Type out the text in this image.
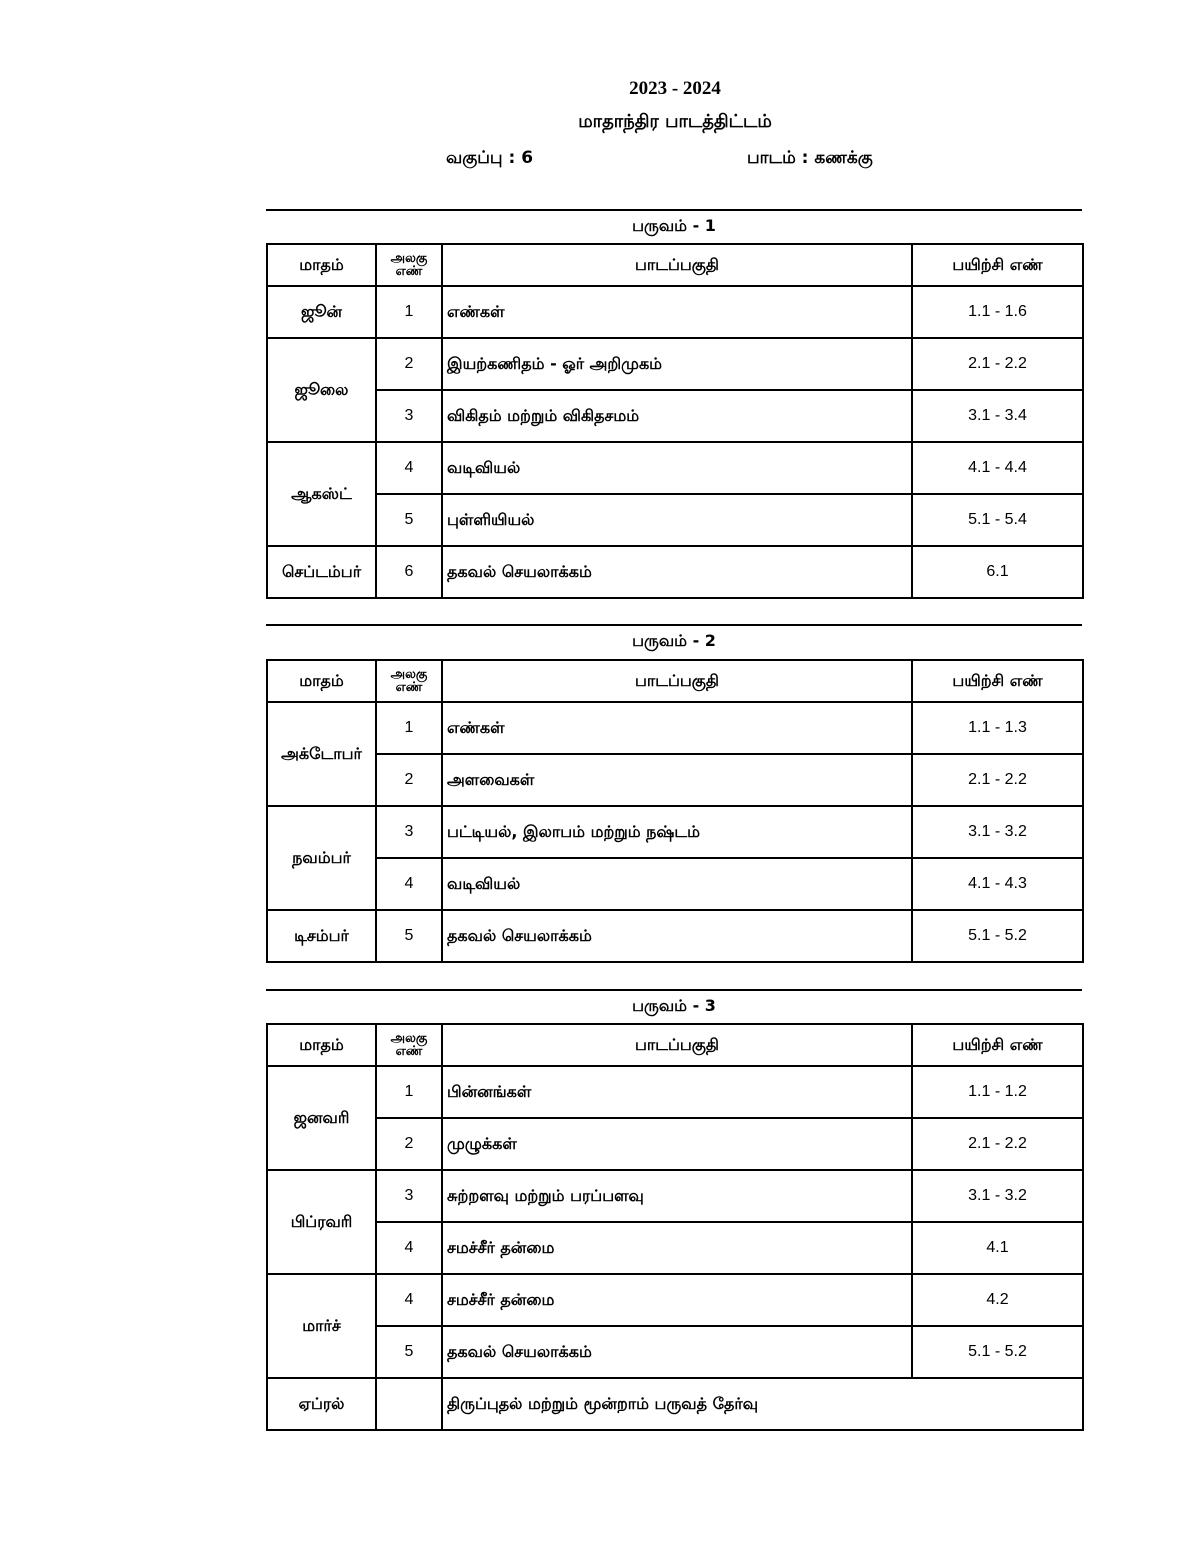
2023 - 2024
மாதாந்திர பாடத்திட்டம்
வகுப்பு : 6	பாடம் : கணக்கு
பருவம் - 1
மாதம்	அலகு எண்	பாடப்பகுதி	பயிற்சி எண்
ஜூன்	1	எண்கள்	1.1 - 1.6
ஜூலை	2	இயற்கணிதம் - ஓர் அறிமுகம்	2.1 - 2.2
	3	விகிதம் மற்றும் விகிதசமம்	3.1 - 3.4
ஆகஸ்ட்	4	வடிவியல்	4.1 - 4.4
	5	புள்ளியியல்	5.1 - 5.4
செப்டம்பர்	6	தகவல் செயலாக்கம்	6.1
பருவம் - 2
மாதம்	அலகு எண்	பாடப்பகுதி	பயிற்சி எண்
அக்டோபர்	1	எண்கள்	1.1 - 1.3
	2	அளவைகள்	2.1 - 2.2
நவம்பர்	3	பட்டியல், இலாபம் மற்றும் நஷ்டம்	3.1 - 3.2
	4	வடிவியல்	4.1 - 4.3
டிசம்பர்	5	தகவல் செயலாக்கம்	5.1 - 5.2
பருவம் - 3
மாதம்	அலகு எண்	பாடப்பகுதி	பயிற்சி எண்
ஜனவரி	1	பின்னங்கள்	1.1 - 1.2
	2	முழுக்கள்	2.1 - 2.2
பிப்ரவரி	3	சுற்றளவு மற்றும் பரப்பளவு	3.1 - 3.2
	4	சமச்சீர் தன்மை	4.1
மார்ச்	4	சமச்சீர் தன்மை	4.2
	5	தகவல் செயலாக்கம்	5.1 - 5.2
ஏப்ரல்		திருப்புதல் மற்றும் மூன்றாம் பருவத் தேர்வு	
